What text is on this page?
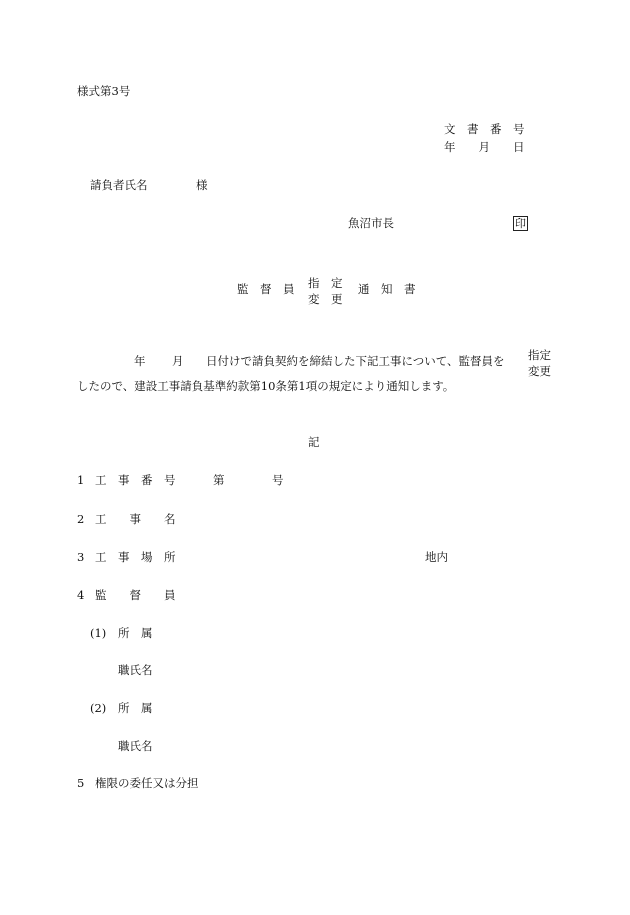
様式第3号
文　書　番　号
年　　月　　日
請負者氏名	様
魚沼市長	印
監　督　員 指　定
変　更
通　知　書
年 月 日付けで請負契約を締結した下記工事について、監督員を 指定
変更
したので、建設工事請負基準約款第10条第1項の規定により通知します。
記
1 工　事　番　号	第	号
2 工　　事　　名
3 工　事　場　所	地内
4 監　　督　　員
(1) 所　属
職氏名
(2) 所　属
職氏名
5 権限の委任又は分担
